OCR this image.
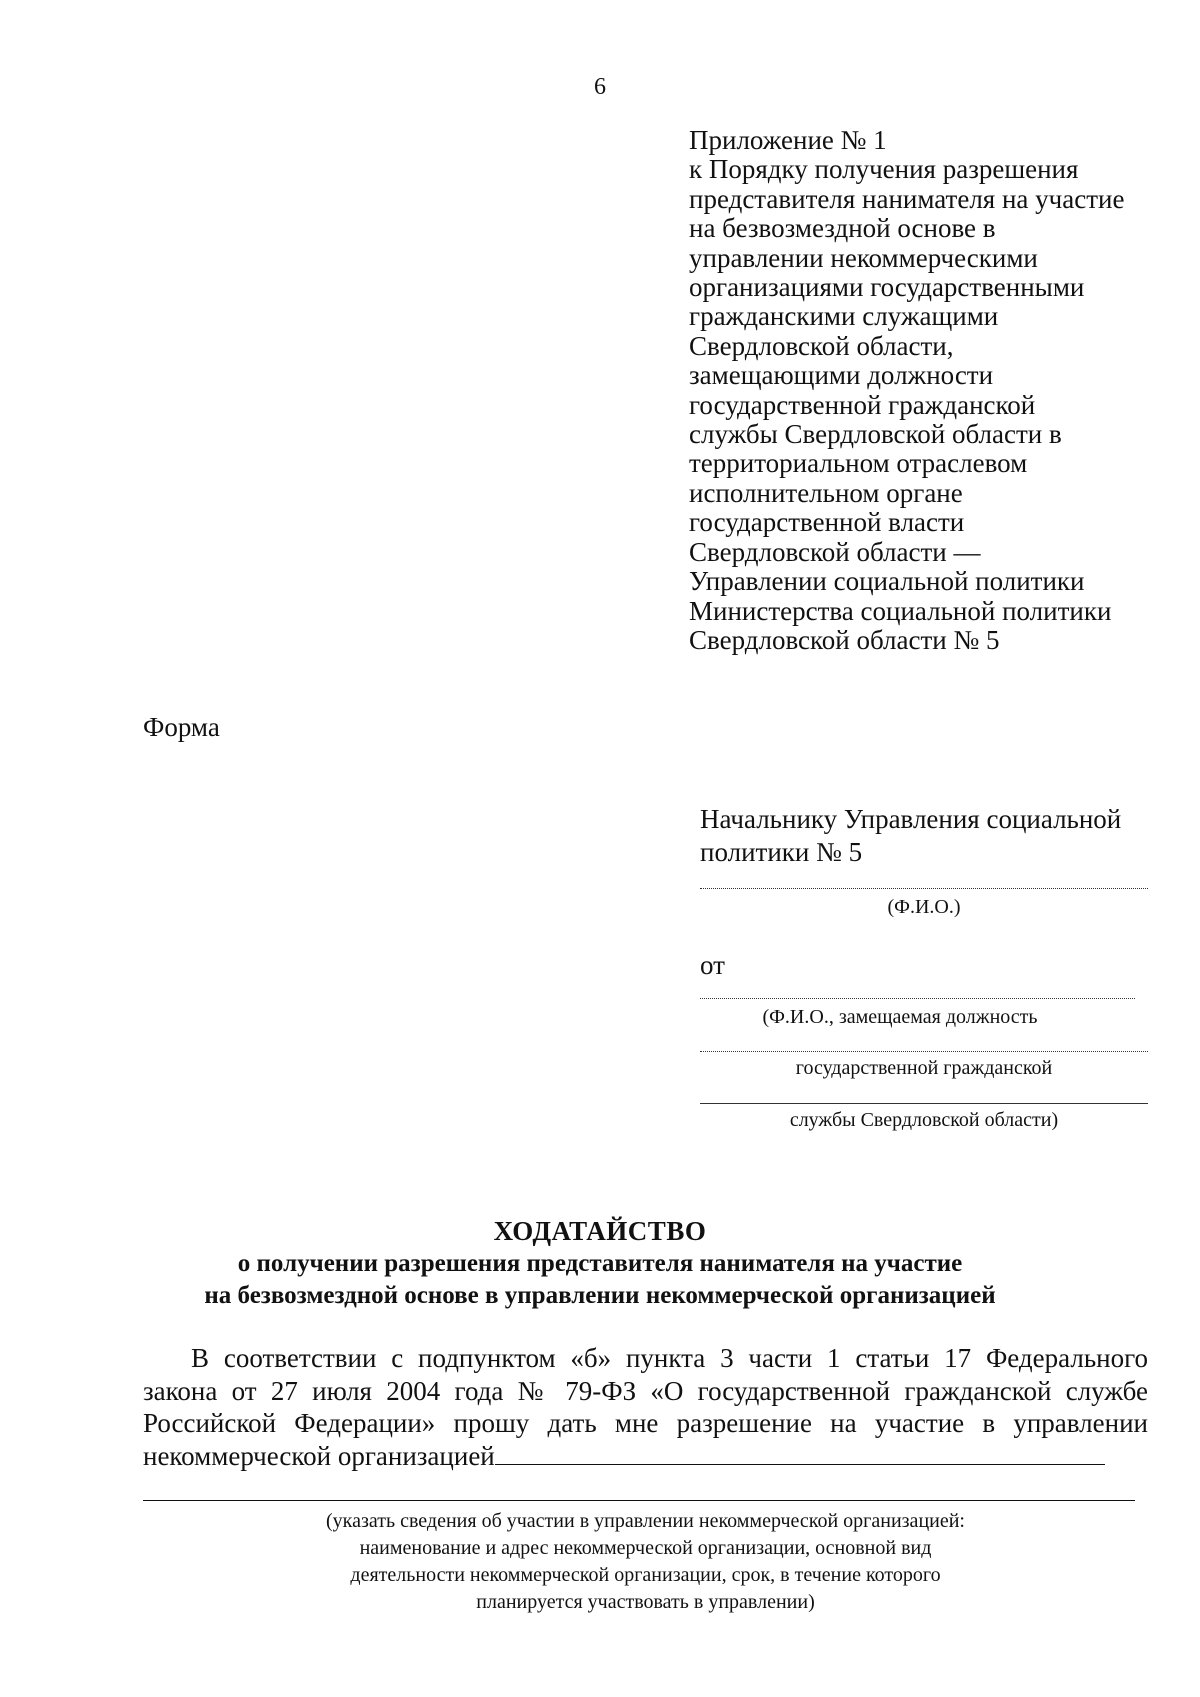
6
Приложение № 1
к Порядку получения разрешения
представителя нанимателя на участие
на безвозмездной основе в
управлении некоммерческими
организациями государственными
гражданскими служащими
Свердловской области,
замещающими должности
государственной гражданской
службы Свердловской области в
территориальном отраслевом
исполнительном органе
государственной власти
Свердловской области —
Управлении социальной политики
Министерства социальной политики
Свердловской области № 5
Форма
Начальнику Управления социальной
политики № 5
(Ф.И.О.)
от
(Ф.И.О., замещаемая должность
государственной гражданской
службы Свердловской области)
ХОДАТАЙСТВО
о получении разрешения представителя нанимателя на участие
на безвозмездной основе в управлении некоммерческой организацией
В соответствии с подпунктом «б» пункта 3 части 1 статьи 17 Федерального
закона от 27 июля 2004 года № 79-ФЗ «О государственной гражданской службе
Российской Федерации» прошу дать мне разрешение на участие в управлении
некоммерческой организацией
(указать сведения об участии в управлении некоммерческой организацией:
наименование и адрес некоммерческой организации, основной вид
деятельности некоммерческой организации, срок, в течение которого
планируется участвовать в управлении)
